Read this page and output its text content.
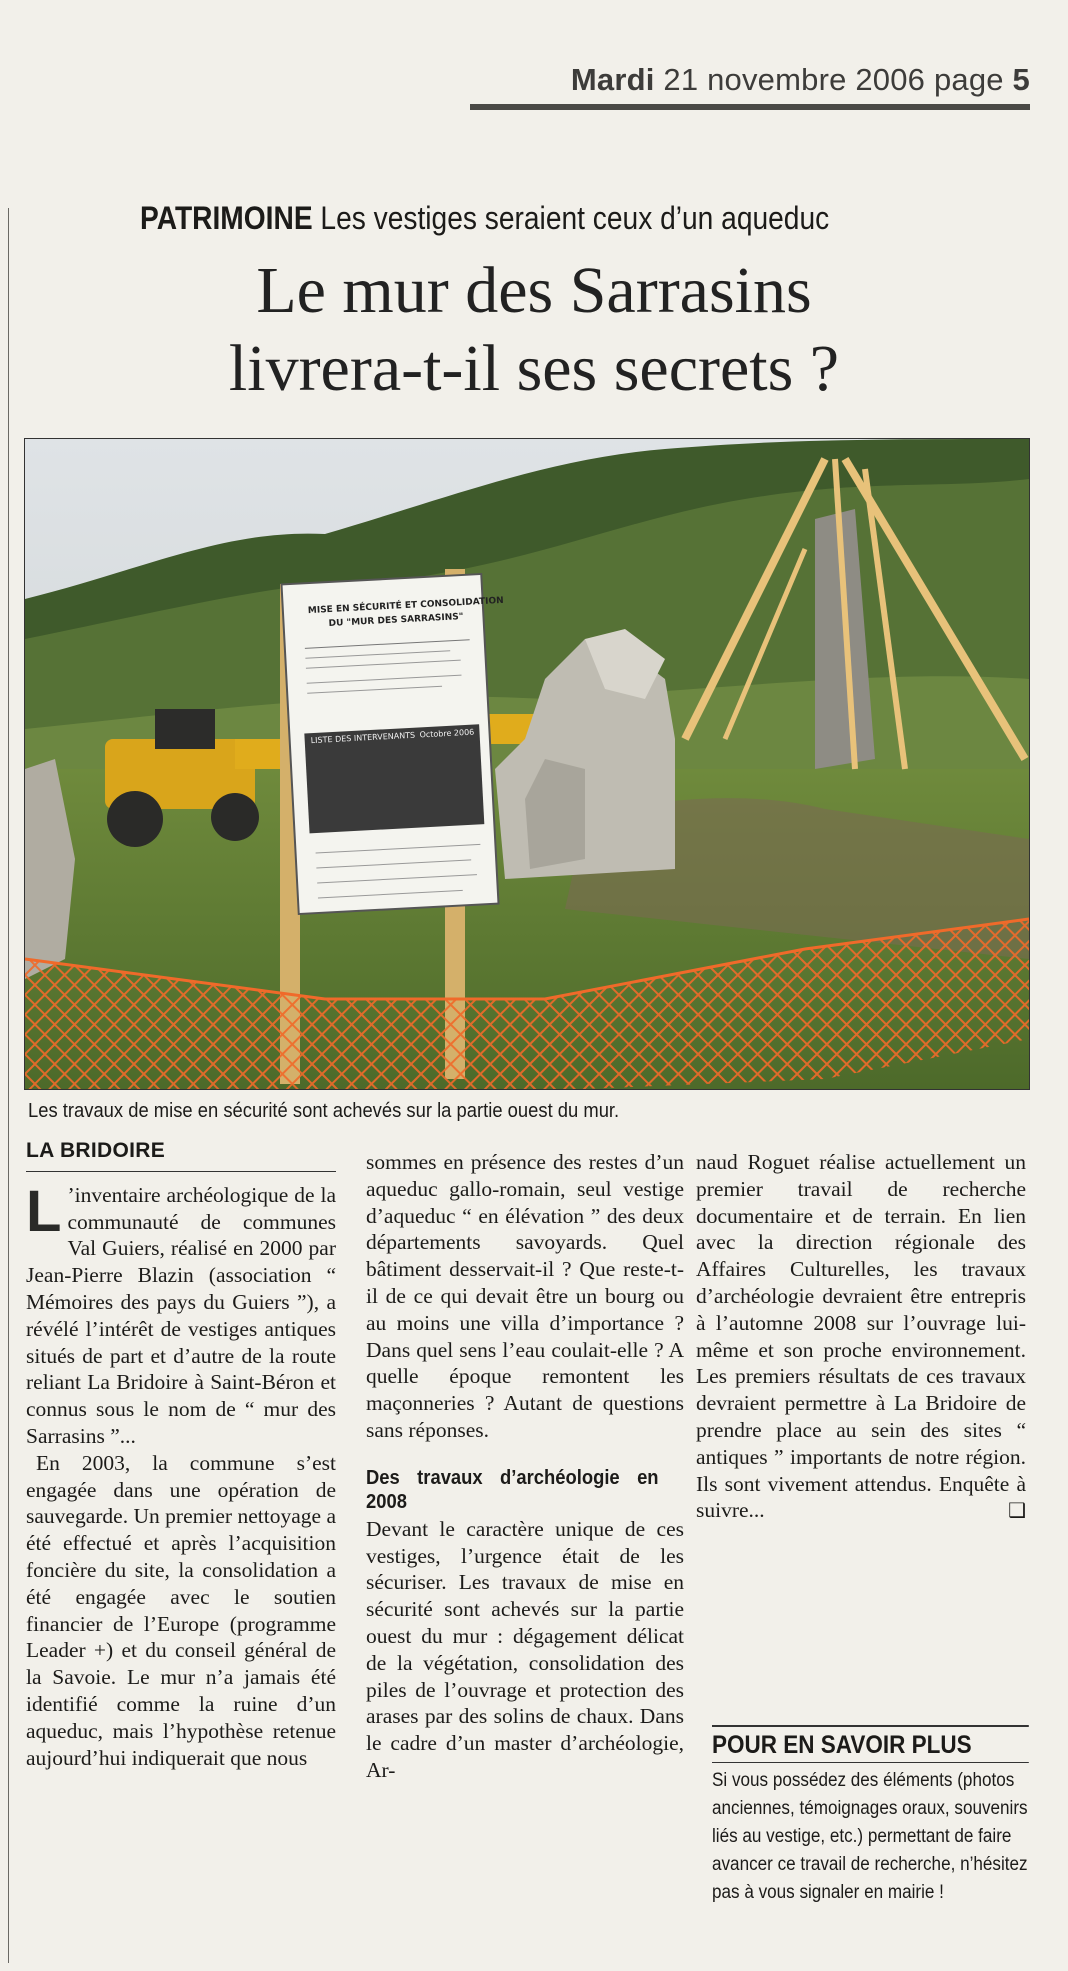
Mardi 21 novembre 2006 page 5
PATRIMOINE Les vestiges seraient ceux d’un aqueduc
Le mur des Sarrasins
livrera-t-il ses secrets ?
MISE EN SÉCURITÉ ET CONSOLIDATION
DU "MUR DES SARRASINS"
LISTE DES INTERVENANTS Octobre 2006
Les travaux de mise en sécurité sont achevés sur la partie ouest du mur.
LA BRIDOIRE

L ’inventaire archéologique de la communauté de communes Val Guiers, réalisé en 2000 par Jean-Pierre Blazin (association “ Mémoires des pays du Guiers ”), a révélé l’intérêt de vestiges antiques situés de part et d’autre de la route reliant La Bridoire à Saint-Béron et connus sous le nom de “ mur des Sarrasins ”...

En 2003, la commune s’est engagée dans une opération de sauvegarde. Un premier nettoyage a été effectué et après l’acquisition foncière du site, la consolidation a été engagée avec le soutien financier de l’Europe (programme Leader +) et du conseil général de la Savoie. Le mur n’a jamais été identifié comme la ruine d’un aqueduc, mais l’hypothèse retenue aujourd’hui indiquerait que nous

sommes en présence des restes d’un aqueduc gallo-romain, seul vestige d’aqueduc “ en élévation ” des deux départements savoyards. Quel bâtiment desservait-il ? Que reste-t-il de ce qui devait être un bourg ou au moins une villa d’importance ? Dans quel sens l’eau coulait-elle ? A quelle époque remontent les maçonneries ? Autant de questions sans réponses.

Des travaux d’archéologie en 2008

Devant le caractère unique de ces vestiges, l’urgence était de les sécuriser. Les travaux de mise en sécurité sont achevés sur la partie ouest du mur : dégagement délicat de la végétation, consolidation des piles de l’ouvrage et protection des arases par des solins de chaux. Dans le cadre d’un master d’archéologie, Ar-

naud Roguet réalise actuellement un premier travail de recherche documentaire et de terrain. En lien avec la direction régionale des Affaires Culturelles, les travaux d’archéologie devraient être entrepris à l’automne 2008 sur l’ouvrage lui-même et son proche environnement. Les premiers résultats de ces travaux devraient permettre à La Bridoire de prendre place au sein des sites “ antiques ” importants de notre région. Ils sont vivement attendus. Enquête à suivre...	❑

POUR EN SAVOIR PLUS
Si vous possédez des éléments (photos anciennes, témoignages oraux, souvenirs liés au vestige, etc.) permettant de faire avancer ce travail de recherche, n’hésitez pas à vous signaler en mairie !
